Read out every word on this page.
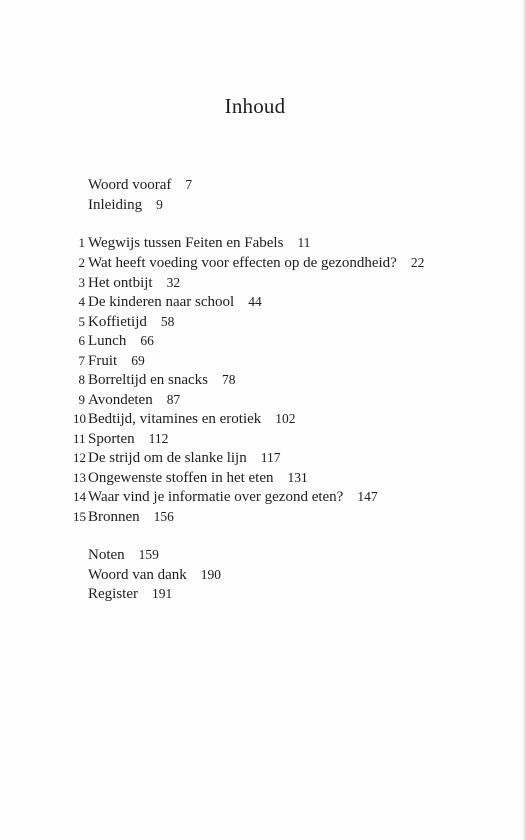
Inhoud
Woord vooraf 7
Inleiding 9
1 Wegwijs tussen Feiten en Fabels 11
2 Wat heeft voeding voor effecten op de gezondheid? 22
3 Het ontbijt 32
4 De kinderen naar school 44
5 Koffietijd 58
6 Lunch 66
7 Fruit 69
8 Borreltijd en snacks 78
9 Avondeten 87
10 Bedtijd, vitamines en erotiek 102
11 Sporten 112
12 De strijd om de slanke lijn 117
13 Ongewenste stoffen in het eten 131
14 Waar vind je informatie over gezond eten? 147
15 Bronnen 156
Noten 159
Woord van dank 190
Register 191
